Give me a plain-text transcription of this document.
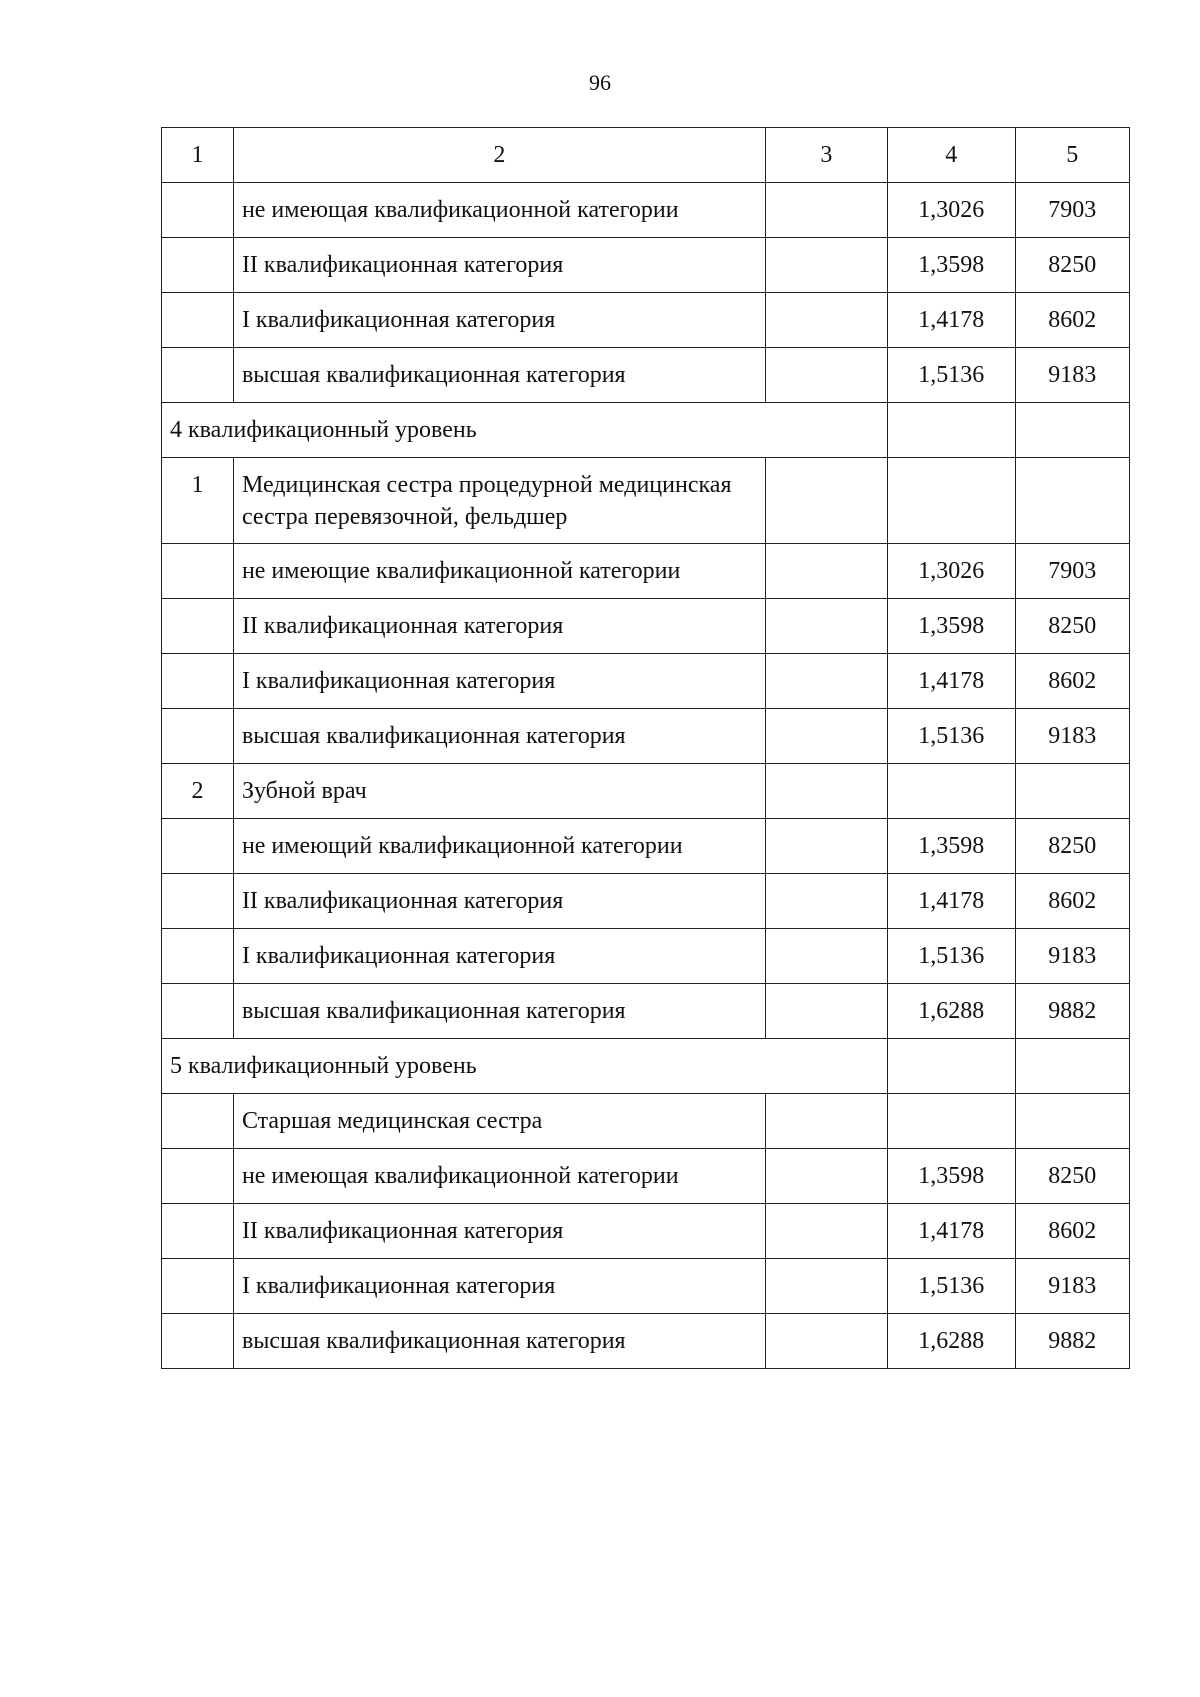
96
1	2	3	4	5
	не имеющая квалификационной категории		1,3026	7903
	II квалификационная категория		1,3598	8250
	I квалификационная категория		1,4178	8602
	высшая квалификационная категория		1,5136	9183
4 квалификационный уровень				
1	Медицинская сестра процедурной медицинская сестра перевязочной, фельдшер			
	не имеющие квалификационной категории		1,3026	7903
	II квалификационная категория		1,3598	8250
	I квалификационная категория		1,4178	8602
	высшая квалификационная категория		1,5136	9183
2	Зубной врач			
	не имеющий квалификационной категории		1,3598	8250
	II квалификационная категория		1,4178	8602
	I квалификационная категория		1,5136	9183
	высшая квалификационная категория		1,6288	9882
5 квалификационный уровень				
	Старшая медицинская сестра			
	не имеющая квалификационной категории		1,3598	8250
	II квалификационная категория		1,4178	8602
	I квалификационная категория		1,5136	9183
	высшая квалификационная категория		1,6288	9882
